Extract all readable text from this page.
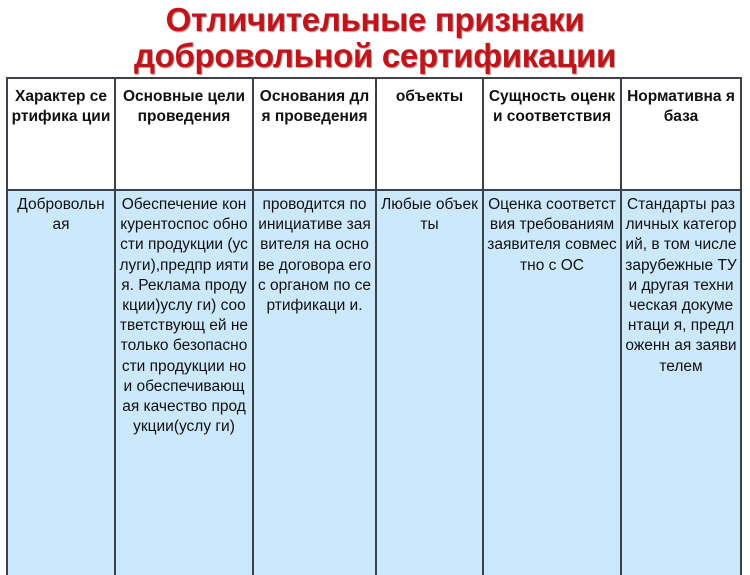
Отличительные признаки
добровольной сертификации
Характер сертифика ции	Основные цели проведения	Основания для проведения	объекты	Сущность оценки соответствия	Нормативна я база
Добровольн ая	Обеспечение конкурентоспос обности продукции (услуги),предпр иятия. Реклама продукции)услу ги) соответствующ ей не только безопасности продукции но и обеспечивающ ая качество продукции(услу ги)	проводится по инициативе заявителя на основе договора его с органом по сертификаци и.	Любые объекты	Оценка соответствия требованиям заявителя совместно с ОС	Стандарты различных категорий, в том числе зарубежные ТУ и другая техническая документаци я, предложенн ая заявителем
